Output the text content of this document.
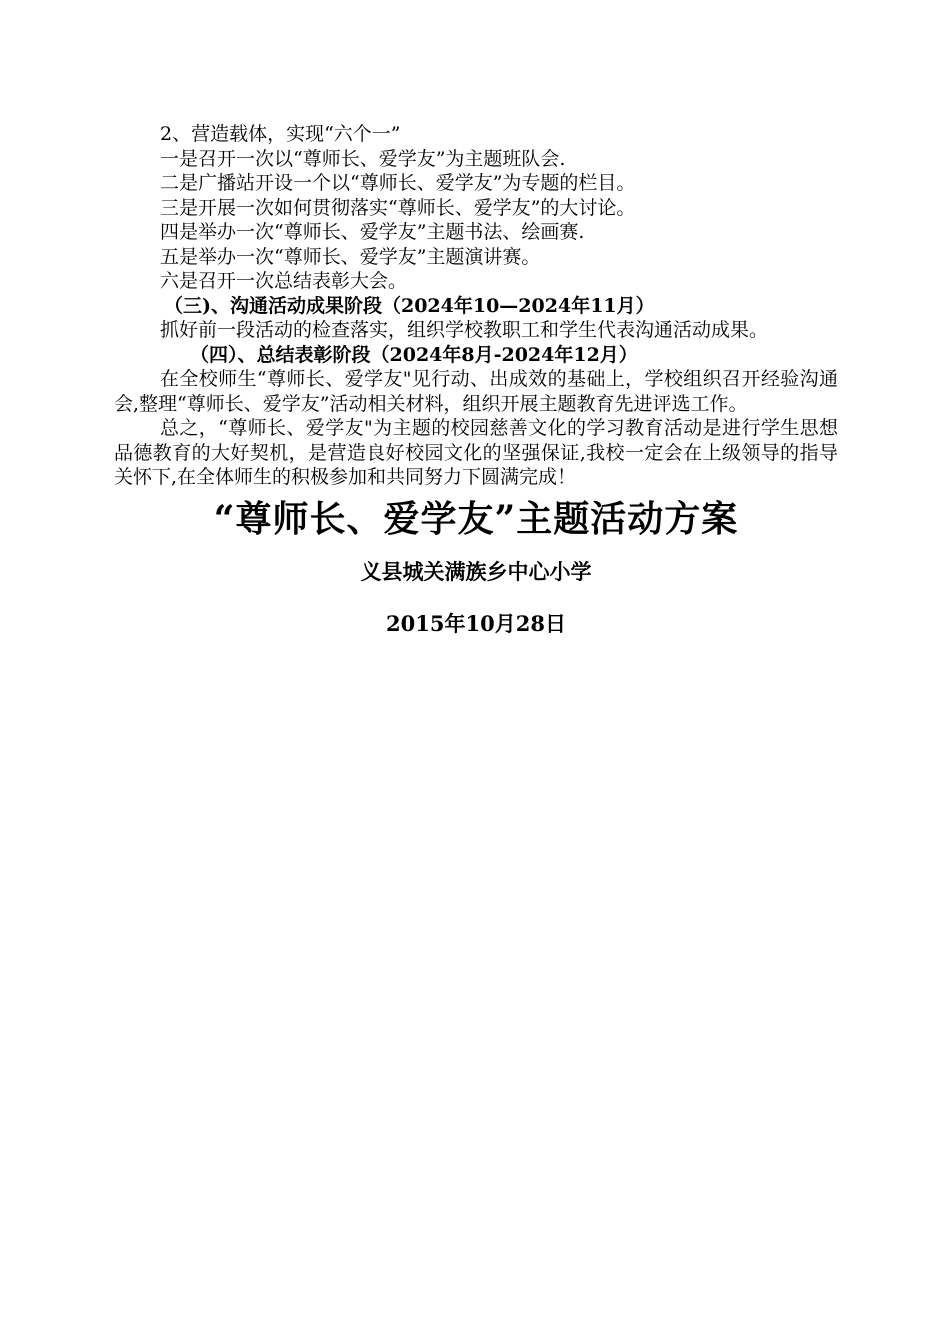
2、营造载体，实现“六个一”

一是召开一次以“尊师长、爱学友”为主题班队会.

二是广播站开设一个以“尊师长、爱学友”为专题的栏目。

三是开展一次如何贯彻落实“尊师长、爱学友”的大讨论。

四是举办一次“尊师长、爱学友”主题书法、绘画赛.

五是举办一次“尊师长、爱学友”主题演讲赛。

六是召开一次总结表彰大会。

（三)、沟通活动成果阶段（2024年10—2024年11月）

抓好前一段活动的检查落实，组织学校教职工和学生代表沟通活动成果。

（四）、总结表彰阶段（2024年8月-2024年12月）

在全校师生“尊师长、爱学友"见行动、出成效的基础上，学校组织召开经验沟通会,整理“尊师长、爱学友”活动相关材料，组织开展主题教育先进评选工作。

总之，“尊师长、爱学友"为主题的校园慈善文化的学习教育活动是进行学生思想品德教育的大好契机，是营造良好校园文化的坚强保证,我校一定会在上级领导的指导关怀下,在全体师生的积极参加和共同努力下圆满完成！

“尊师长、爱学友”主题活动方案
义县城关满族乡中心小学
2015年10月28日
